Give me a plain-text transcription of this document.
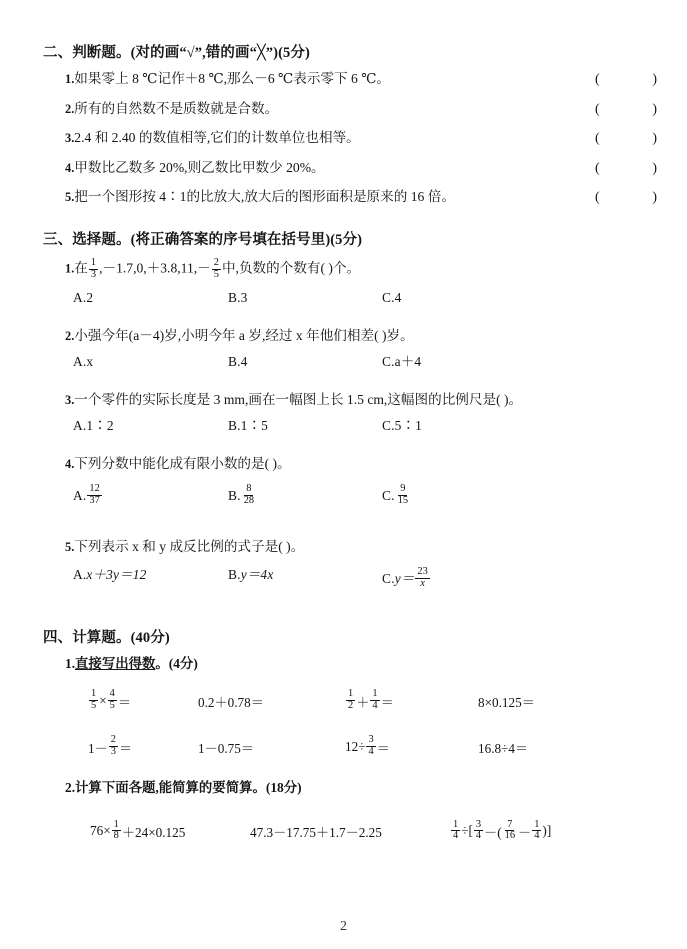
二、判断题。(对的画“√”,错的画“╳”)(5分)
1.如果零上 8 ℃记作＋8 ℃,那么－6 ℃表示零下 6 ℃。	(	)
2.所有的自然数不是质数就是合数。	(	)
3.2.4 和 2.40 的数值相等,它们的计数单位也相等。	(	)
4.甲数比乙数多 20%,则乙数比甲数少 20%。	(	)
5.把一个图形按 4∶1的比放大,放大后的图形面积是原来的 16 倍。	(	)
三、选择题。(将正确答案的序号填在括号里)(5分)
1.在 $\frac{1}{3} ,-1.7,0,+3.8,11,- \frac{2}{5}$ 中,负数的个数有( )个。
A.2	B.3	C.4
2.小强今年(a－4)岁,小明今年 a 岁,经过 x 年他们相差( )岁。
A.x	B.4	C.a＋4
3.一个零件的实际长度是 3 mm,画在一幅图上长 1.5 cm,这幅图的比例尺是( )。
A.1∶2	B.1∶5	C.5∶1
4.下列分数中能化成有限小数的是( )。
A. $\frac{12}{37}$	B. $\frac{8}{28}$	C. $\frac{9}{15}$
5.下列表示 x 和 y 成反比例的式子是( )。
A. x＋3y＝12	B. y＝4x	C. $y= \frac{23}{x}$
四、计算题。(40分)
1.直接写出得数。(4分)
$\frac{1}{5} \times \frac{4}{5}$ ＝	0.2＋0.78＝	$\frac{1}{2} + \frac{1}{4}$ ＝	8×0.125＝
$1- \frac{2}{3}$ ＝	1－0.75＝	$12\div \frac{3}{4}$ ＝	16.8÷4＝
2.计算下面各题,能简算的要简算。(18分)
$76\times \frac{1}{8} +24\times 0.125$	47.3－17.75＋1.7－2.25	$\frac{1}{4}$ ÷[ $\frac{3}{4}$ －( $\frac{7}{16} - \frac{1}{4}$ )]
2
